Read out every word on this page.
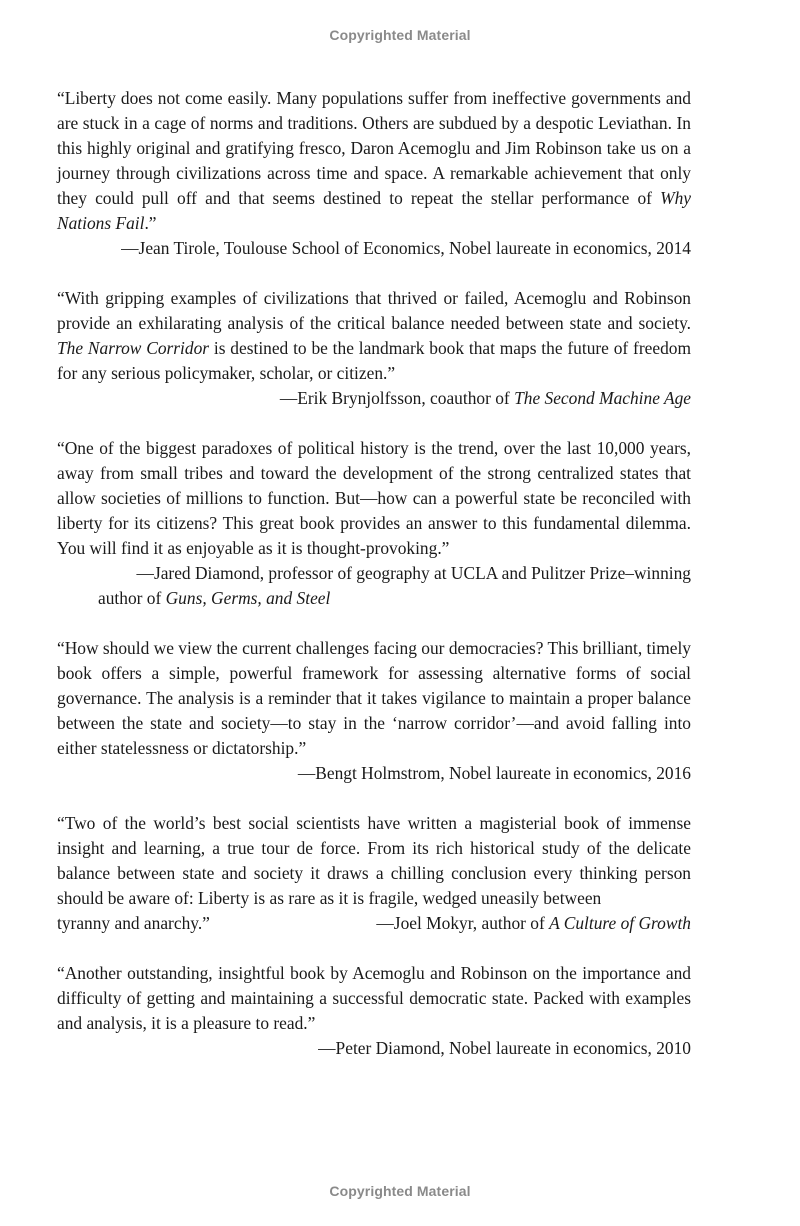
Copyrighted Material
“Liberty does not come easily. Many populations suffer from ineffective governments and are stuck in a cage of norms and traditions. Others are subdued by a despotic Leviathan. In this highly original and gratifying fresco, Daron Acemoglu and Jim Robinson take us on a journey through civilizations across time and space. A remarkable achievement that only they could pull off and that seems destined to repeat the stellar performance of Why Nations Fail.”
—Jean Tirole, Toulouse School of Economics, Nobel laureate in economics, 2014
“With gripping examples of civilizations that thrived or failed, Acemoglu and Robinson provide an exhilarating analysis of the critical balance needed between state and society. The Narrow Corridor is destined to be the landmark book that maps the future of freedom for any serious policymaker, scholar, or citizen.”
—Erik Brynjolfsson, coauthor of The Second Machine Age
“One of the biggest paradoxes of political history is the trend, over the last 10,000 years, away from small tribes and toward the development of the strong centralized states that allow societies of millions to function. But—how can a powerful state be reconciled with liberty for its citizens? This great book provides an answer to this fundamental dilemma. You will find it as enjoyable as it is thought-provoking.”
—Jared Diamond, professor of geography at UCLA and Pulitzer Prize–winning
author of Guns, Germs, and Steel
“How should we view the current challenges facing our democracies? This brilliant, timely book offers a simple, powerful framework for assessing alternative forms of social governance. The analysis is a reminder that it takes vigilance to maintain a proper balance between the state and society—to stay in the ‘narrow corridor’—and avoid falling into either statelessness or dictatorship.”
—Bengt Holmstrom, Nobel laureate in economics, 2016
“Two of the world’s best social scientists have written a magisterial book of immense insight and learning, a true tour de force. From its rich historical study of the delicate balance between state and society it draws a chilling conclusion every thinking person should be aware of: Liberty is as rare as it is fragile, wedged uneasily between
tyranny and anarchy.”	—Joel Mokyr, author of A Culture of Growth
“Another outstanding, insightful book by Acemoglu and Robinson on the importance and difficulty of getting and maintaining a successful democratic state. Packed with examples and analysis, it is a pleasure to read.”
—Peter Diamond, Nobel laureate in economics, 2010
Copyrighted Material
